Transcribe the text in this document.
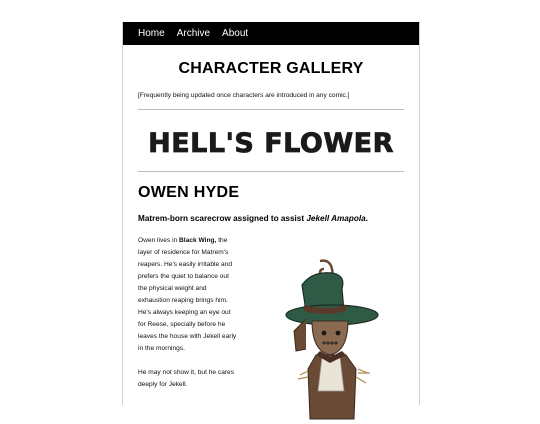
Home Archive About
CHARACTER GALLERY
[Frequently being updated once characters are introduced in any comic.]
HELL'S FLOWER
OWEN HYDE
Matrem-born scarecrow assigned to assist Jekell Amapola.

Owen lives in Black Wing, the layer of residence for Matrem's reapers. He's easily irritable and prefers the quiet to balance out the physical weight and exhaustion reaping brings him. He's always keeping an eye out for Reese, specially before he leaves the house with Jekell early in the mornings.

He may not show it, but he cares deeply for Jekell.
